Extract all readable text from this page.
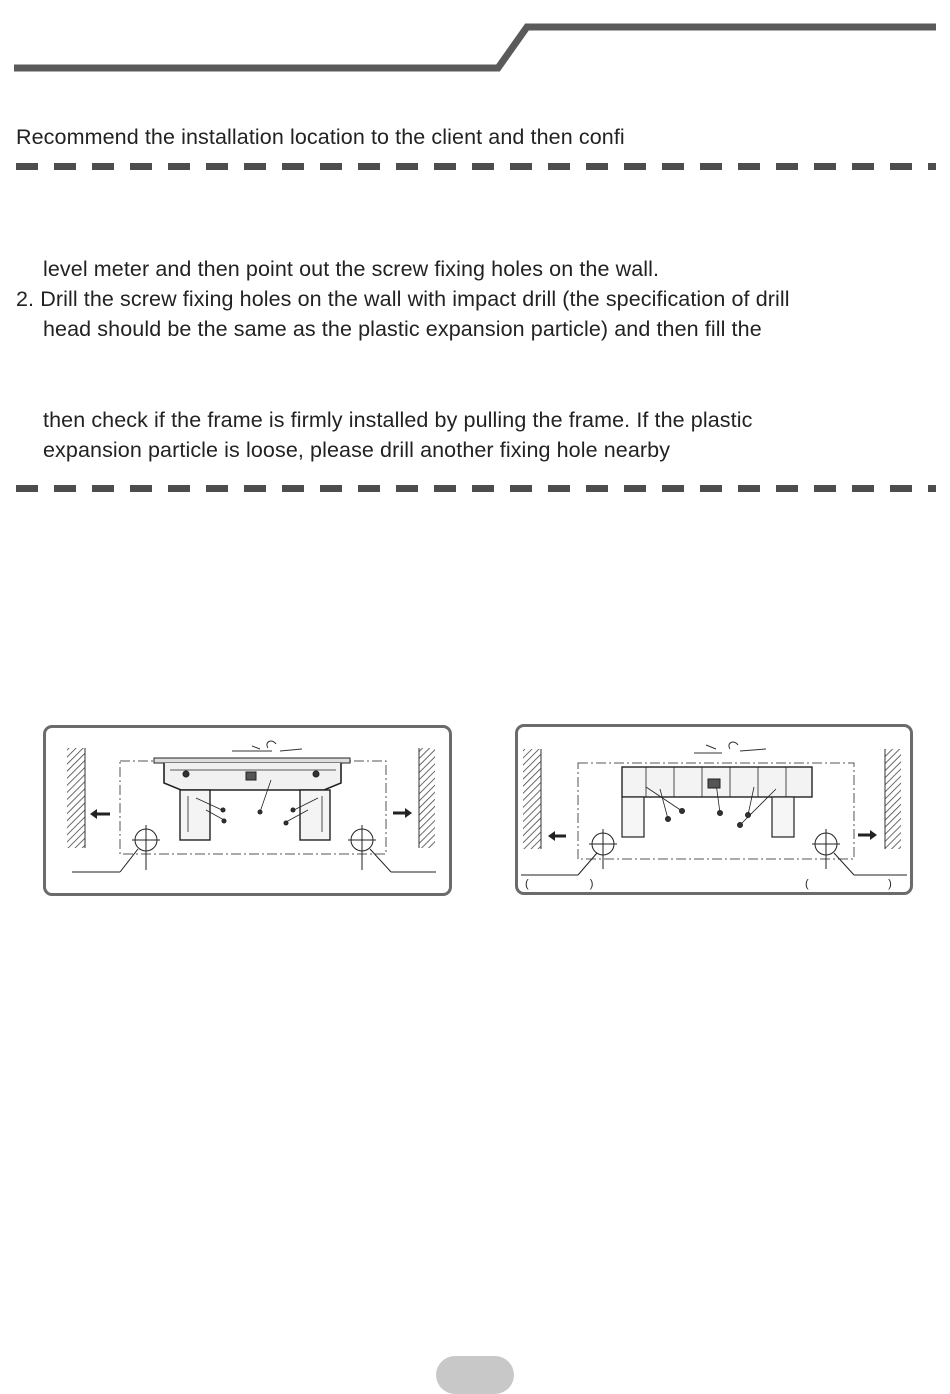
Recommend the installation location to the client and then confi
level meter and then point out the screw fixing holes on the wall.
2. Drill the screw fixing holes on the wall with impact drill (the specification of drill
head should be the same as the plastic expansion particle) and then fill the
then check if the frame is firmly installed by pulling the frame. If the plastic
expansion particle is loose, please drill another fixing hole nearby
(                    )	(                          )
